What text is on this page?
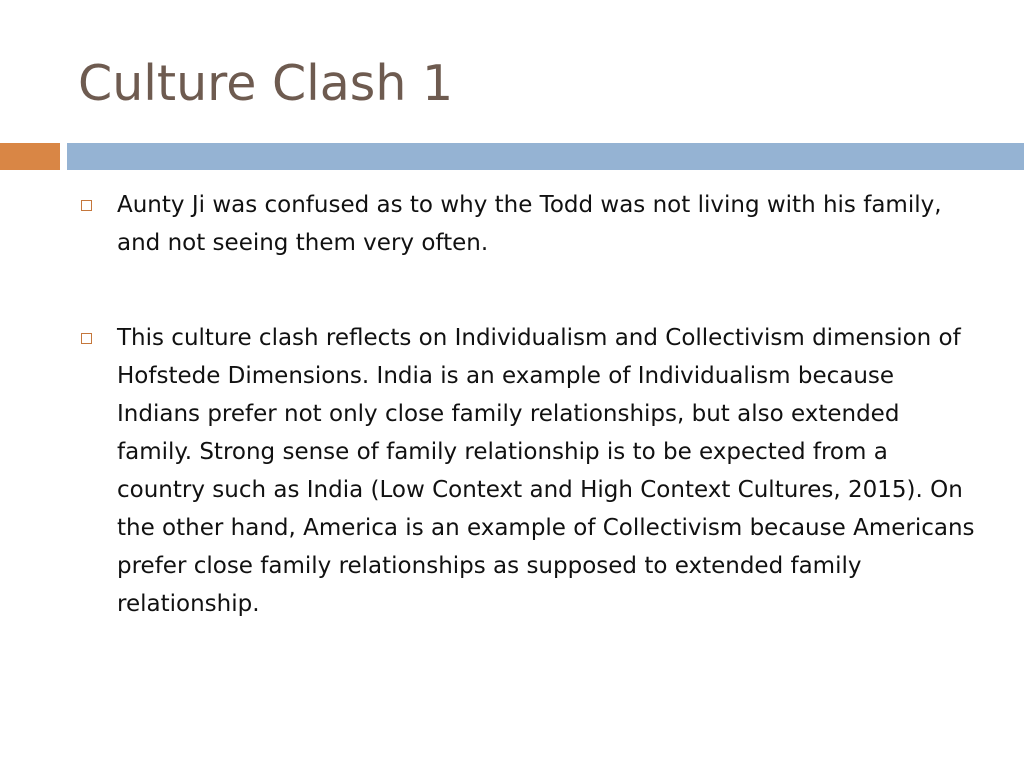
Culture Clash 1
Aunty Ji was confused as to why the Todd was not living with his family, and not seeing them very often.
This culture clash reflects on Individualism and Collectivism dimension of Hofstede Dimensions. India is an example of Individualism because Indians prefer not only close family relationships, but also extended family. Strong sense of family relationship is to be expected from a country such as India (Low Context and High Context Cultures, 2015). On the other hand, America is an example of Collectivism because Americans prefer close family relationships as supposed to extended family relationship.
